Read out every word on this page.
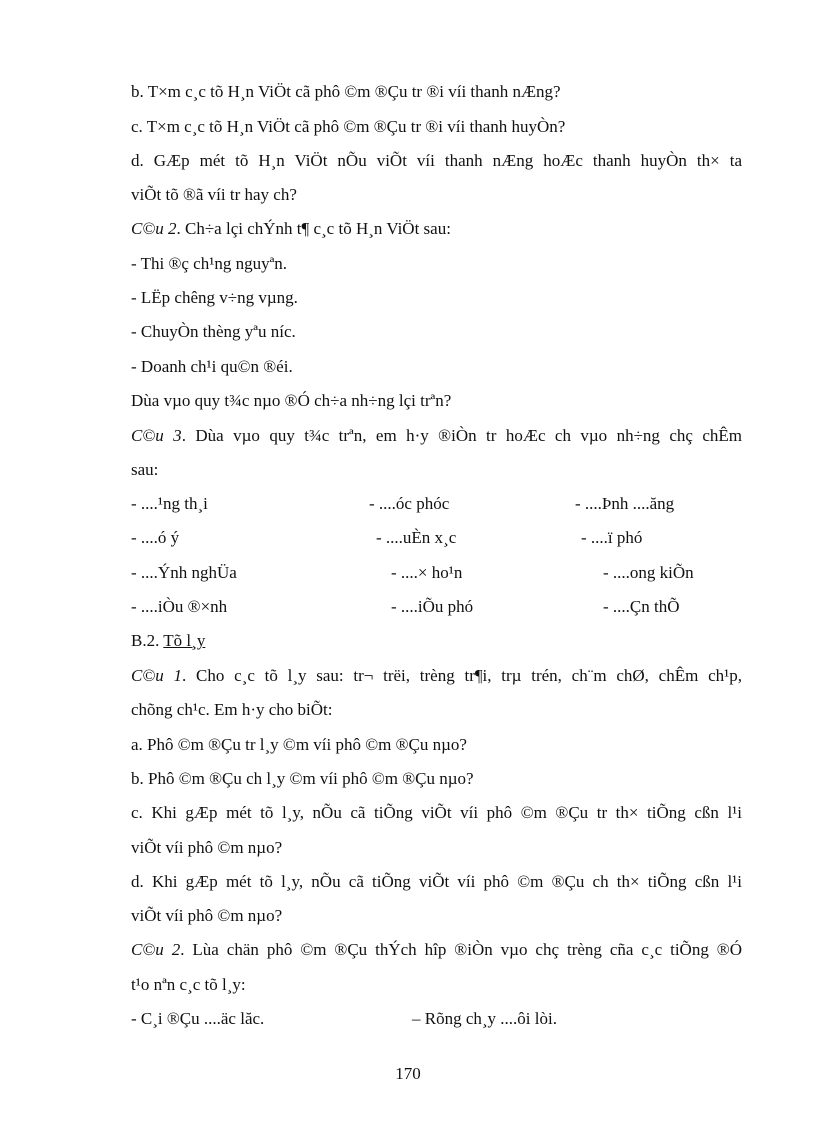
b. T×m c¸c tõ H¸n ViÖt cã phô ©m ®Çu tr ®i víi thanh nÆng?
c. T×m c¸c tõ H¸n ViÖt cã phô ©m ®Çu tr ®i víi thanh huyÒn?
d. GÆp mét tõ H¸n ViÖt nÕu viÕt víi thanh nÆng hoÆc thanh huyÒn th× ta
viÕt tõ ®ã víi tr hay ch?
C©u 2. Ch÷a lçi chÝnh t¶ c¸c tõ H¸n ViÖt sau:
- Thi ®ç ch¹ng nguyªn.
- LËp chêng v÷ng vµng.
- ChuyÒn thèng yªu níc.
- Doanh ch¹i qu©n ®éi.
Dùa vµo quy t¾c nµo ®Ó ch÷a nh÷ng lçi trªn?
C©u 3. Dùa vµo quy t¾c trªn, em h·y ®iÒn tr hoÆc ch vµo nh÷ng chç chÊm
sau:
- ....¹ng th¸i	- ....óc phóc	- ....Þnh ....ăng
- ....ó ý	- ....uÈn x¸c	- ....ï phó
- ....Ýnh nghÜa	- ....× ho¹n	- ....ong kiÕn
- ....iÒu ®×nh	- ....iÕu phó	- ....Çn thÕ
B.2. Tõ l¸y
C©u 1. Cho c¸c tõ l¸y sau: tr¬ trëi, trèng tr¶i, trµ trén, ch¨m chØ, chÊm ch¹p,
chõng ch¹c. Em h·y cho biÕt:
a. Phô ©m ®Çu tr l¸y ©m víi phô ©m ®Çu nµo?
b. Phô ©m ®Çu ch l¸y ©m víi phô ©m ®Çu nµo?
c. Khi gÆp mét tõ l¸y, nÕu cã tiÕng viÕt víi phô ©m ®Çu tr th× tiÕng cßn l¹i
viÕt víi phô ©m nµo?
d. Khi gÆp mét tõ l¸y, nÕu cã tiÕng viÕt víi phô ©m ®Çu ch th× tiÕng cßn l¹i
viÕt víi phô ©m nµo?
C©u 2. Lùa chän phô ©m ®Çu thÝch hîp ®iÒn vµo chç trèng cña c¸c tiÕng ®Ó
t¹o nªn c¸c tõ l¸y:
- C¸i ®Çu ....äc lăc.	– Rõng ch¸y ....ôi lòi.
170
